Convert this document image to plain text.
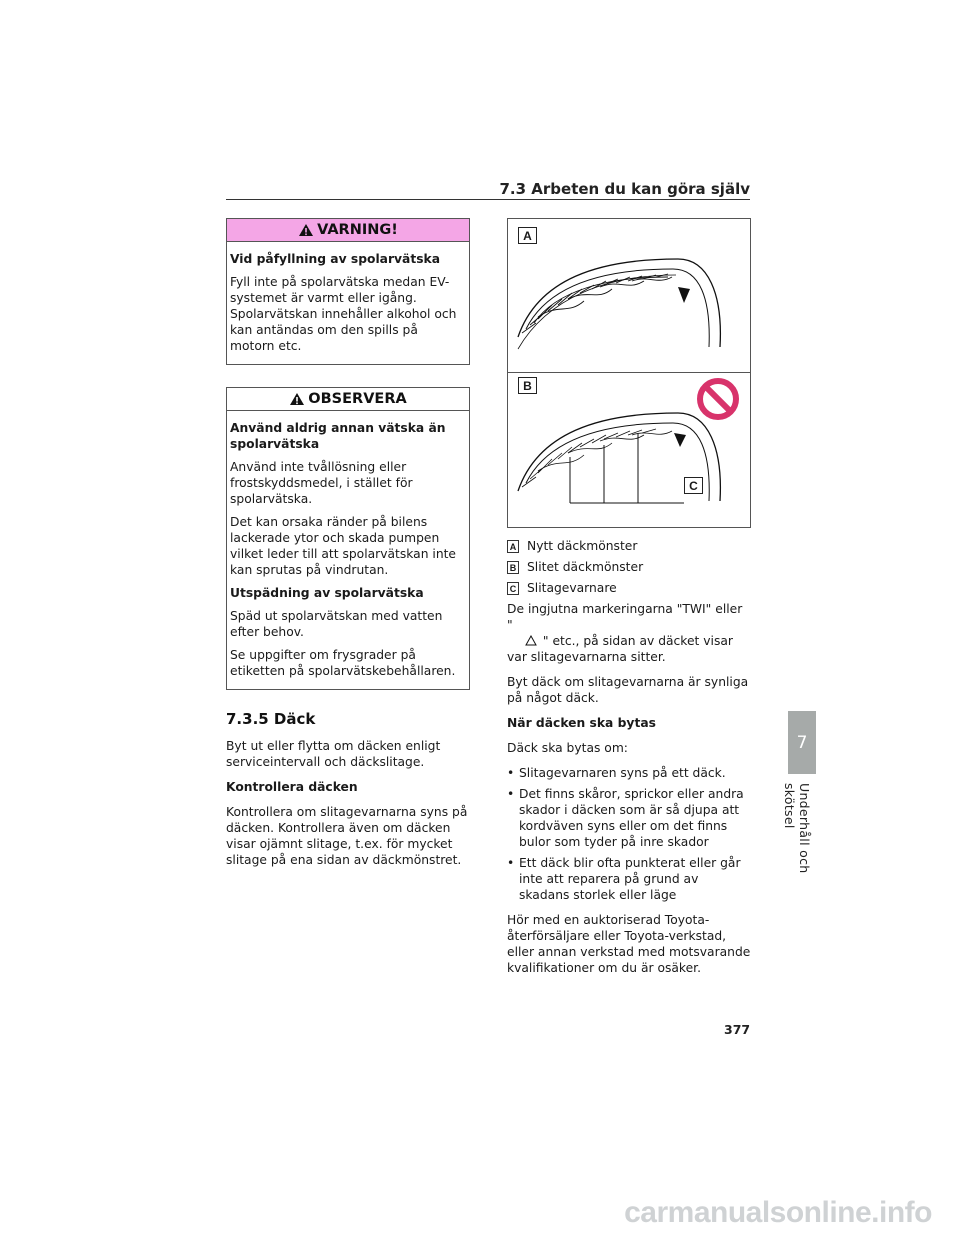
7.3 Arbeten du kan göra själv
VARNING!

Vid påfyllning av spolarvätska

Fyll inte på spolarvätska medan EV-systemet är varmt eller igång. Spolarvätskan innehåller alkohol och kan antändas om den spills på motorn etc.

OBSERVERA

Använd aldrig annan vätska än spolarvätska

Använd inte tvållösning eller frostskyddsmedel, i stället för spolarvätska.

Det kan orsaka ränder på bilens lackerade ytor och skada pumpen vilket leder till att spolarvätskan inte kan sprutas på vindrutan.

Utspädning av spolarvätska

Späd ut spolarvätskan med vatten efter behov.

Se uppgifter om frysgrader på etiketten på spolarvätskebehållaren.

7.3.5 Däck

Byt ut eller flytta om däcken enligt serviceintervall och däckslitage.

Kontrollera däcken

Kontrollera om slitagevarnarna syns på däcken. Kontrollera även om däcken visar ojämnt slitage, t.ex. för mycket slitage på ena sidan av däckmönstret.

A
B
C
A Nytt däckmönster
B Slitet däckmönster
C Slitagevarnare

De ingjutna markeringarna "TWI" eller "
" etc., på sidan av däcket visar var slitagevarnarna sitter.

Byt däck om slitagevarnarna är synliga på något däck.

När däcken ska bytas

Däck ska bytas om:

• Slitagevarnaren syns på ett däck.
• Det finns skåror, sprickor eller andra skador i däcken som är så djupa att kordväven syns eller om det finns bulor som tyder på inre skador
• Ett däck blir ofta punkterat eller går inte att reparera på grund av skadans storlek eller läge

Hör med en auktoriserad Toyota-återförsäljare eller Toyota-verkstad, eller annan verkstad med motsvarande kvalifikationer om du är osäker.

7
Underhåll och skötsel
377
carmanualsonline.info
